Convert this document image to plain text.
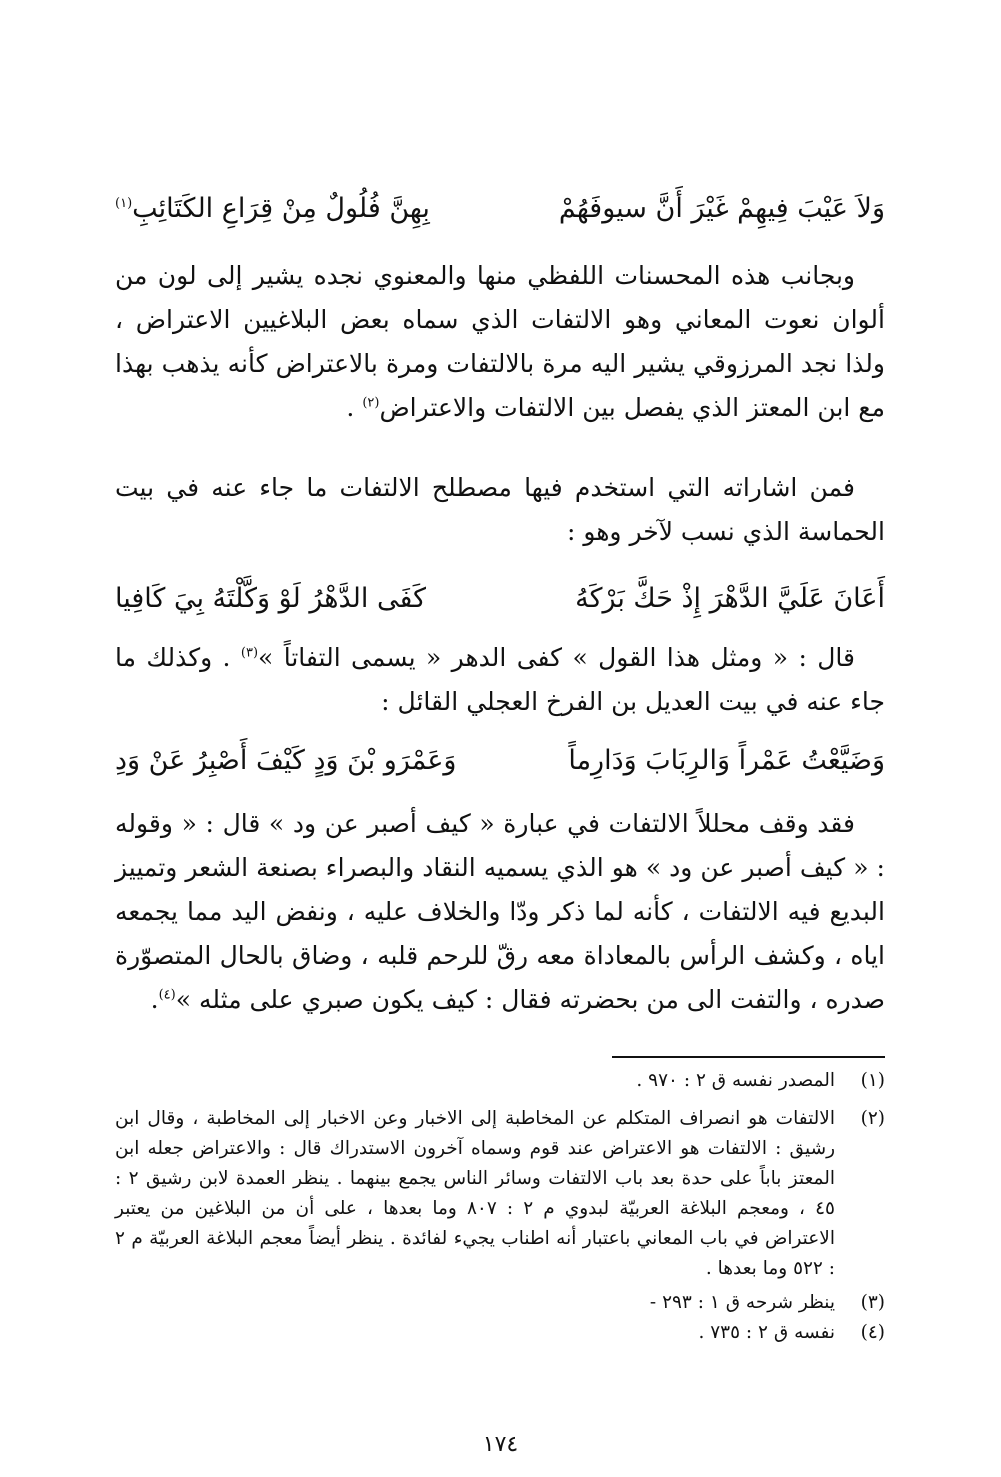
وَلاَ عَيْبَ فِيهِمْ غَيْرَ أَنَّ سيوفَهُمْ
بِهِنَّ فُلُولٌ مِنْ قِرَاعِ الكَتَائِبِ$^{(١)}$

وبجانب هذه المحسنات اللفظي منها والمعنوي نجده يشير إلى لون من ألوان نعوت المعاني وهو الالتفات الذي سماه بعض البلاغيين الاعتراض ، ولذا نجد المرزوقي يشير اليه مرة بالالتفات ومرة بالاعتراض كأنه يذهب بهذا مع ابن المعتز الذي يفصل بين الالتفات والاعتراض$^{(٢)}$ .

فمن اشاراته التي استخدم فيها مصطلح الالتفات ما جاء عنه في بيت الحماسة الذي نسب لآخر وهو :

أَعَانَ عَلَيَّ الدَّهْرَ إِذْ حَكَّ بَرْكَهُ
كَفَى الدَّهْرُ لَوْ وَكَّلْتَهُ بِيَ كَافِيا

قال : « ومثل هذا القول » كفى الدهر « يسمى التفاتاً »$^{(٣)}$ . وكذلك ما جاء عنه في بيت العديل بن الفرخ العجلي القائل :

وَضَيَّعْتُ عَمْراً وَالرِبَابَ وَدَارِماً
وَعَمْرَو بْنَ وَدٍ كَيْفَ أَصْبِرُ عَنْ وَدِ

فقد وقف محللاً الالتفات في عبارة « كيف أصبر عن ود » قال : « وقوله : « كيف أصبر عن ود » هو الذي يسميه النقاد والبصراء بصنعة الشعر وتمييز البديع فيه الالتفات ، كأنه لما ذكر ودّا والخلاف عليه ، ونفض اليد مما يجمعه اياه ، وكشف الرأس بالمعاداة معه رقّ للرحم قلبه ، وضاق بالحال المتصوّرة صدره ، والتفت الى من بحضرته فقال : كيف يكون صبري على مثله »$^{(٤)}$.

(١)
المصدر نفسه ق ٢ : ٩٧٠ .
(٢)
الالتفات هو انصراف المتكلم عن المخاطبة إلى الاخبار وعن الاخبار إلى المخاطبة ، وقال ابن رشيق : الالتفات هو الاعتراض عند قوم وسماه آخرون الاستدراك قال : والاعتراض جعله ابن المعتز باباً على حدة بعد باب الالتفات وسائر الناس يجمع بينهما . ينظر العمدة لابن رشيق ٢ : ٤٥ ، ومعجم البلاغة العربيّة لبدوي م ٢ : ٨٠٧ وما بعدها ، على أن من البلاغين من يعتبر الاعتراض في باب المعاني باعتبار أنه اطناب يجيء لفائدة . ينظر أيضاً معجم البلاغة العربيّة م ٢ : ٥٢٢ وما بعدها .
(٣)
ينظر شرحه ق ١ : ٢٩٣ -
(٤)
نفسه ق ٢ : ٧٣٥ .
١٧٤
